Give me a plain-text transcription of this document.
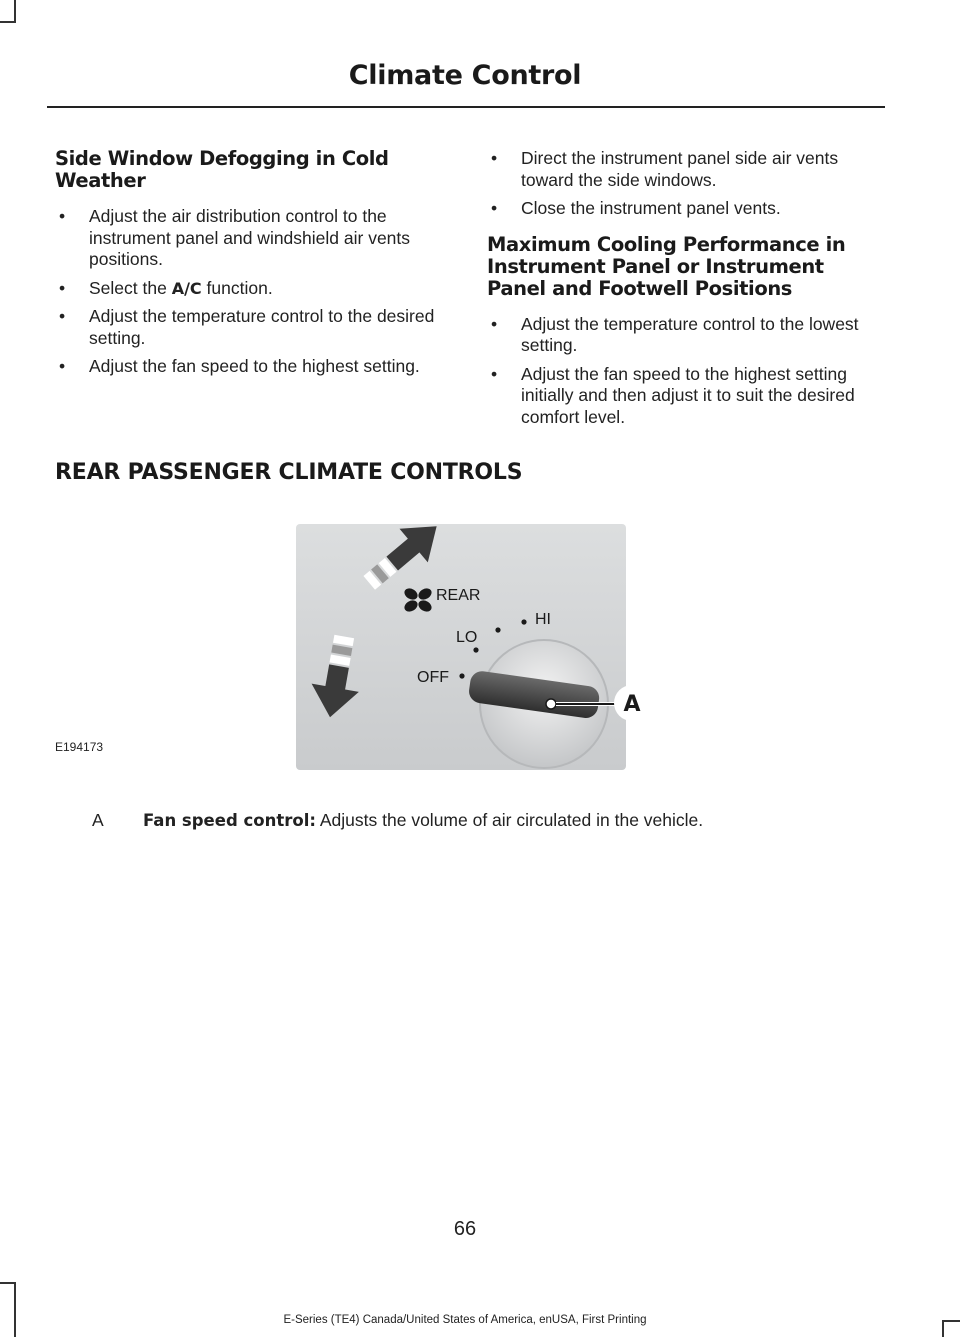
Climate Control
Side Window Defogging in Cold Weather
• Adjust the air distribution control to the instrument panel and windshield air vents positions.
• Select the A/C function.
• Adjust the temperature control to the desired setting.
• Adjust the fan speed to the highest setting.
• Direct the instrument panel side air vents toward the side windows.
• Close the instrument panel vents.
Maximum Cooling Performance in Instrument Panel or Instrument Panel and Footwell Positions
• Adjust the temperature control to the lowest setting.
• Adjust the fan speed to the highest setting initially and then adjust it to suit the desired comfort level.
REAR PASSENGER CLIMATE CONTROLS
REAR
HI
LO
OFF
A
E194173
A Fan speed control: Adjusts the volume of air circulated in the vehicle.
66
E-Series (TE4) Canada/United States of America, enUSA, First Printing
